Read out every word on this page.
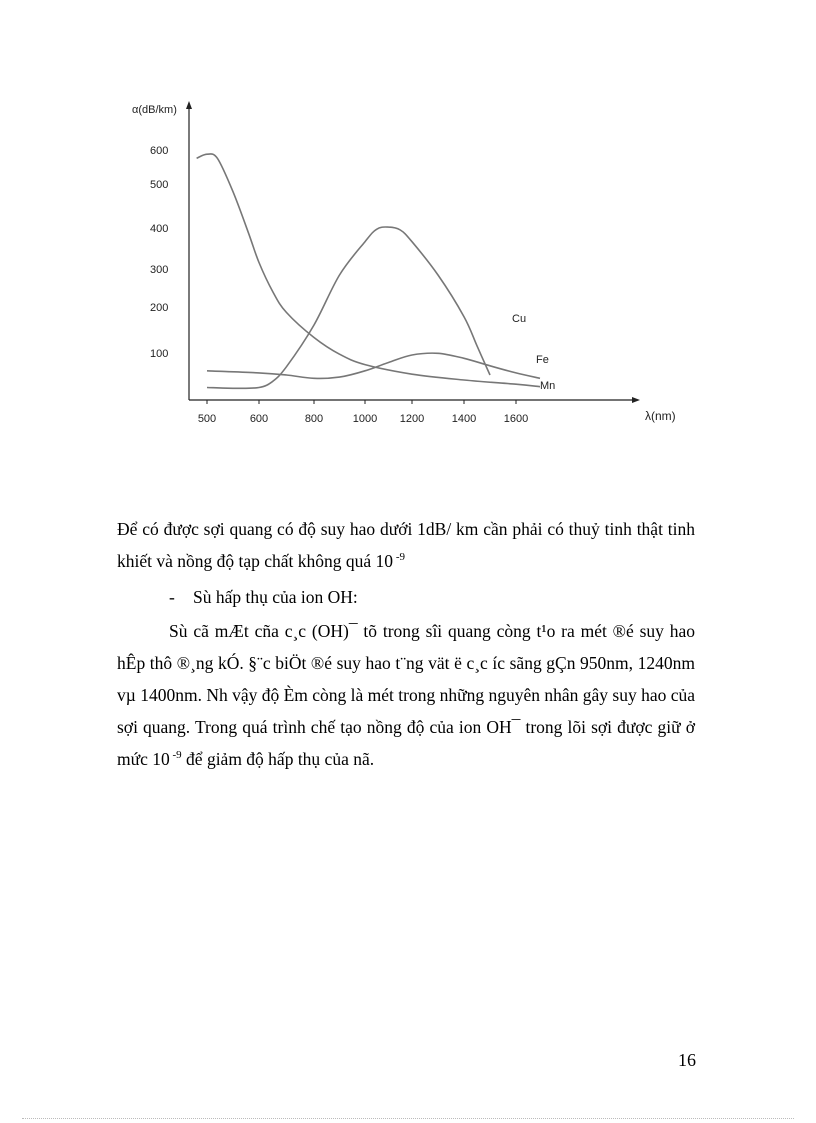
α(dB/km)
λ(nm)
600
500
400
300
200
100
500	600	800	1000 1200	1400	1600
Cu
Fe
Mn

Để có được sợi quang có độ suy hao dưới 1dB/ km cần phải có thuỷ tinh thật tinh khiết và nồng độ tạp chất không quá 10 $^{-9}$

- Sù hấp thụ của ion OH:

Sù cã mÆt cña c¸c (OH)¯ tõ trong sîi quang còng t¹o ra mét ®é suy hao hÊp thô ®¸ng kÓ. §¨c biÖt ®é suy hao t¨ng vät ë c¸c íc sãng gÇn 950nm, 1240nm vµ 1400nm. Nh vậy độ Èm còng là mét trong những nguyên nhân gây suy hao của sợi quang. Trong quá trình chế tạo nồng độ của ion OH¯ trong lõi sợi được giữ ở mức 10 $^{-9}$ để giảm độ hấp thụ của nã.

16
